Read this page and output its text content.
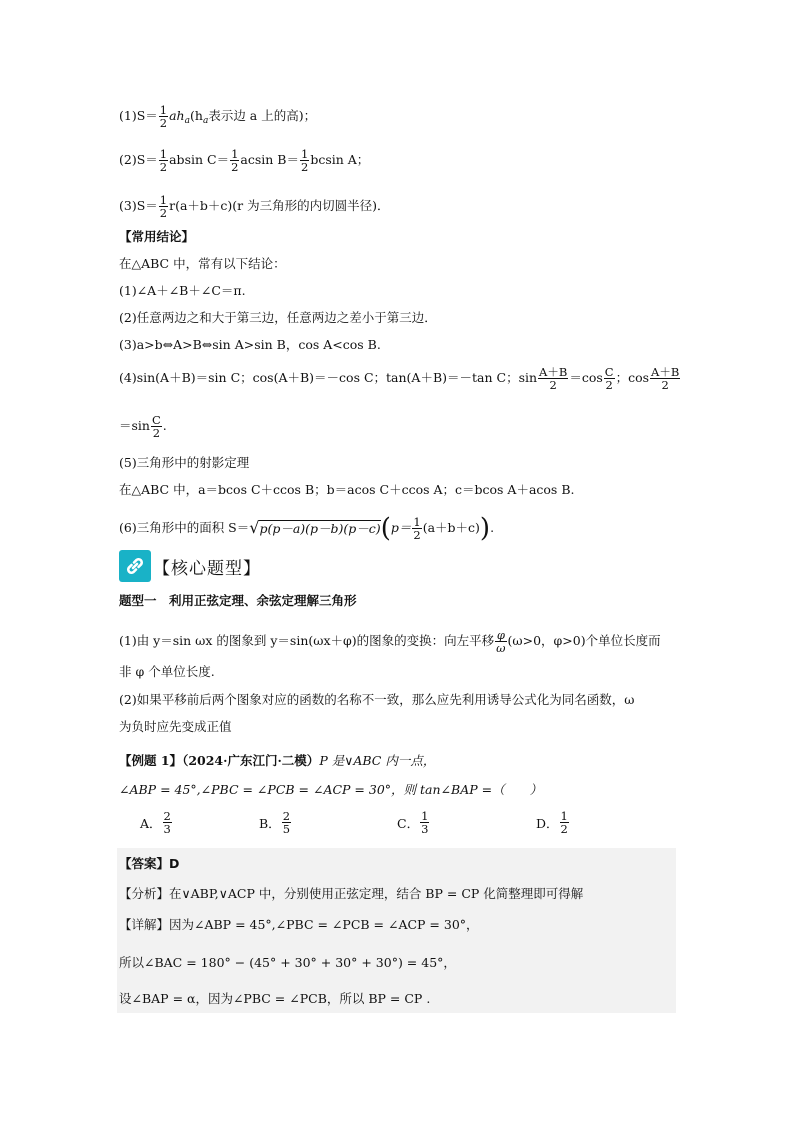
$(1)S= \frac{1}{2} ah_a(h_a$表示边 a 上的高)；
$(2)S= \frac{1}{2}$ absin $C= \frac{1}{2}$ acsin $B= \frac{1}{2}$ bcsin A；
$(3)S= \frac{1}{2} r(a+b+c)(r$ 为三角形的内切圆半径)．
【常用结论】
在△ABC 中，常有以下结论：
(1)∠A＋∠B＋∠C＝π.
(2)任意两边之和大于第三边，任意两边之差小于第三边．
(3)a>b⇔A>B⇔sin A>sin B，cos A<cos B.
(4)sin(A＋B)＝sin C；cos(A＋B)＝－cos C；tan(A＋B)＝－tan C；$\sin \frac{A+B}{2} =\cos \frac{C}{2}$ ；$\cos \frac{A+B}{2}$
$=\sin \frac{C}{2}$ .
(5)三角形中的射影定理
在△ABC 中，a＝bcos C＋ccos B；b＝acos C＋ccos A；c＝bcos A＋acos B.
(6)三角形中的面积 $S=√p(p-a)(p-b)(p-c)(p= \frac{1}{2} (a+b+c))$.
【核心题型】
题型一　利用正弦定理、余弦定理解三角形
(1)由 y＝sin ωx 的图象到 y＝sin(ωx＋φ)的图象的变换：向左平移 $\frac{\varphi}{\omega} (\omega>0$，φ>0)个单位长度而
非 φ 个单位长度.
(2)如果平移前后两个图象对应的函数的名称不一致，那么应先利用诱导公式化为同名函数，ω
为负时应先变成正值
【例题 1】（2024·广东江门·二模）P 是∨ABC 内一点，
∠ABP = 45°,∠PBC = ∠PCB = ∠ACP = 30°，则 tan∠BAP =（　　）
A． $\frac{2}{3}$	B． $\frac{2}{5}$	C． $\frac{1}{3}$	D． $\frac{1}{2}$
【答案】D
【分析】在∨ABP,∨ACP 中，分别使用正弦定理，结合 BP = CP 化简整理即可得解
【详解】因为∠ABP = 45°,∠PBC = ∠PCB = ∠ACP = 30°，
所以∠BAC = 180° − (45° + 30° + 30° + 30°) = 45°，
设∠BAP = α，因为∠PBC = ∠PCB，所以 BP = CP .
